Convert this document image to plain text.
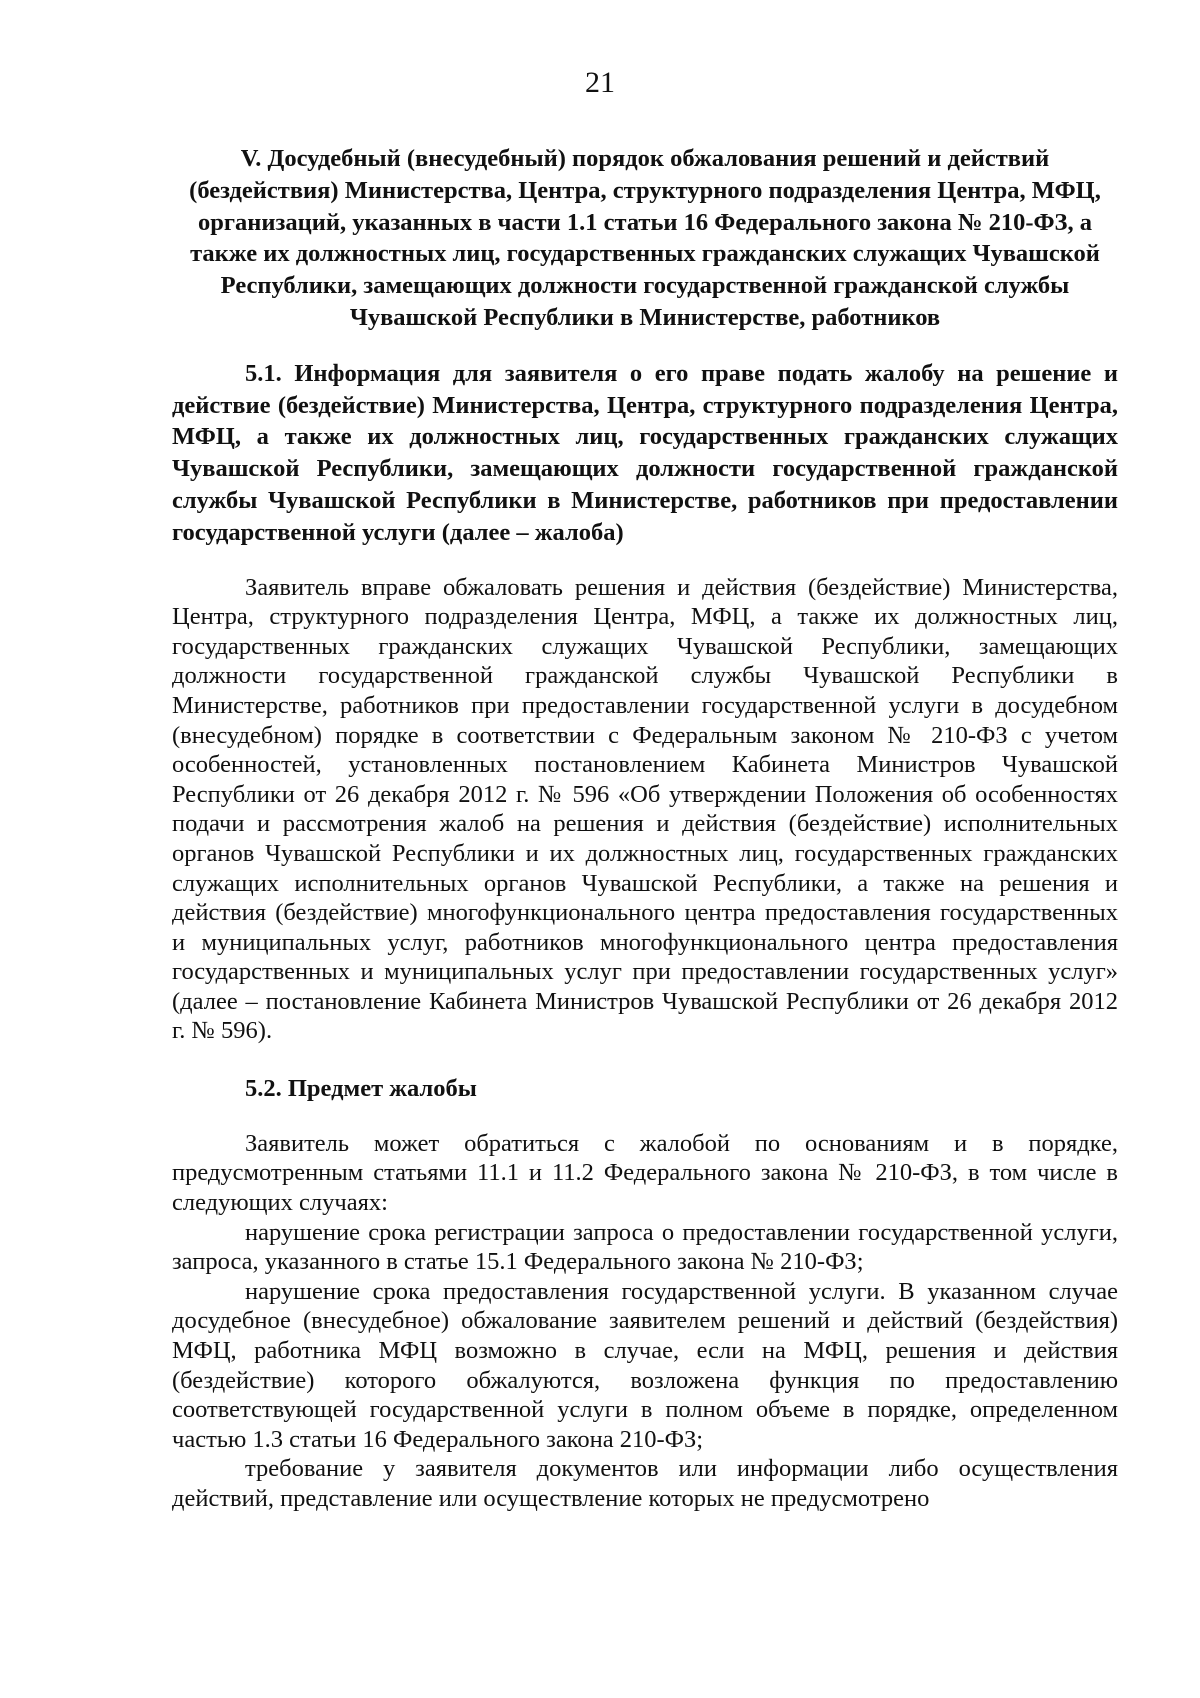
21
V. Досудебный (внесудебный) порядок обжалования решений и действий (бездействия) Министерства, Центра, структурного подразделения Центра, МФЦ, организаций, указанных в части 1.1 статьи 16 Федерального закона № 210-ФЗ, а также их должностных лиц, государственных гражданских служащих Чувашской Республики, замещающих должности государственной гражданской службы Чувашской Республики в Министерстве, работников
5.1. Информация для заявителя о его праве подать жалобу на решение и действие (бездействие) Министерства, Центра, структурного подразделения Центра, МФЦ, а также их должностных лиц, государственных гражданских служащих Чувашской Республики, замещающих должности государственной гражданской службы Чувашской Республики в Министерстве, работников при предоставлении государственной услуги (далее – жалоба)

Заявитель вправе обжаловать решения и действия (бездействие) Министерства, Центра, структурного подразделения Центра, МФЦ, а также их должностных лиц, государственных гражданских служащих Чувашской Республики, замещающих должности государственной гражданской службы Чувашской Республики в Министерстве, работников при предоставлении государственной услуги в досудебном (внесудебном) порядке в соответствии с Федеральным законом № 210-ФЗ с учетом особенностей, установленных постановлением Кабинета Министров Чувашской Республики от 26 декабря 2012 г. № 596 «Об утверждении Положения об особенностях подачи и рассмотрения жалоб на решения и действия (бездействие) исполнительных органов Чувашской Республики и их должностных лиц, государственных гражданских служащих исполнительных органов Чувашской Республики, а также на решения и действия (бездействие) многофункционального центра предоставления государственных и муниципальных услуг, работников многофункционального центра предоставления государственных и муниципальных услуг при предоставлении государственных услуг» (далее – постановление Кабинета Министров Чувашской Республики от 26 декабря 2012 г. № 596).

5.2. Предмет жалобы

Заявитель может обратиться с жалобой по основаниям и в порядке, предусмотренным статьями 11.1 и 11.2 Федерального закона № 210-ФЗ, в том числе в следующих случаях:

нарушение срока регистрации запроса о предоставлении государственной услуги, запроса, указанного в статье 15.1 Федерального закона № 210-ФЗ;

нарушение срока предоставления государственной услуги. В указанном случае досудебное (внесудебное) обжалование заявителем решений и действий (бездействия) МФЦ, работника МФЦ возможно в случае, если на МФЦ, решения и действия (бездействие) которого обжалуются, возложена функция по предоставлению соответствующей государственной услуги в полном объеме в порядке, определенном частью 1.3 статьи 16 Федерального закона 210-ФЗ;

требование у заявителя документов или информации либо осуществления действий, представление или осуществление которых не предусмотрено
